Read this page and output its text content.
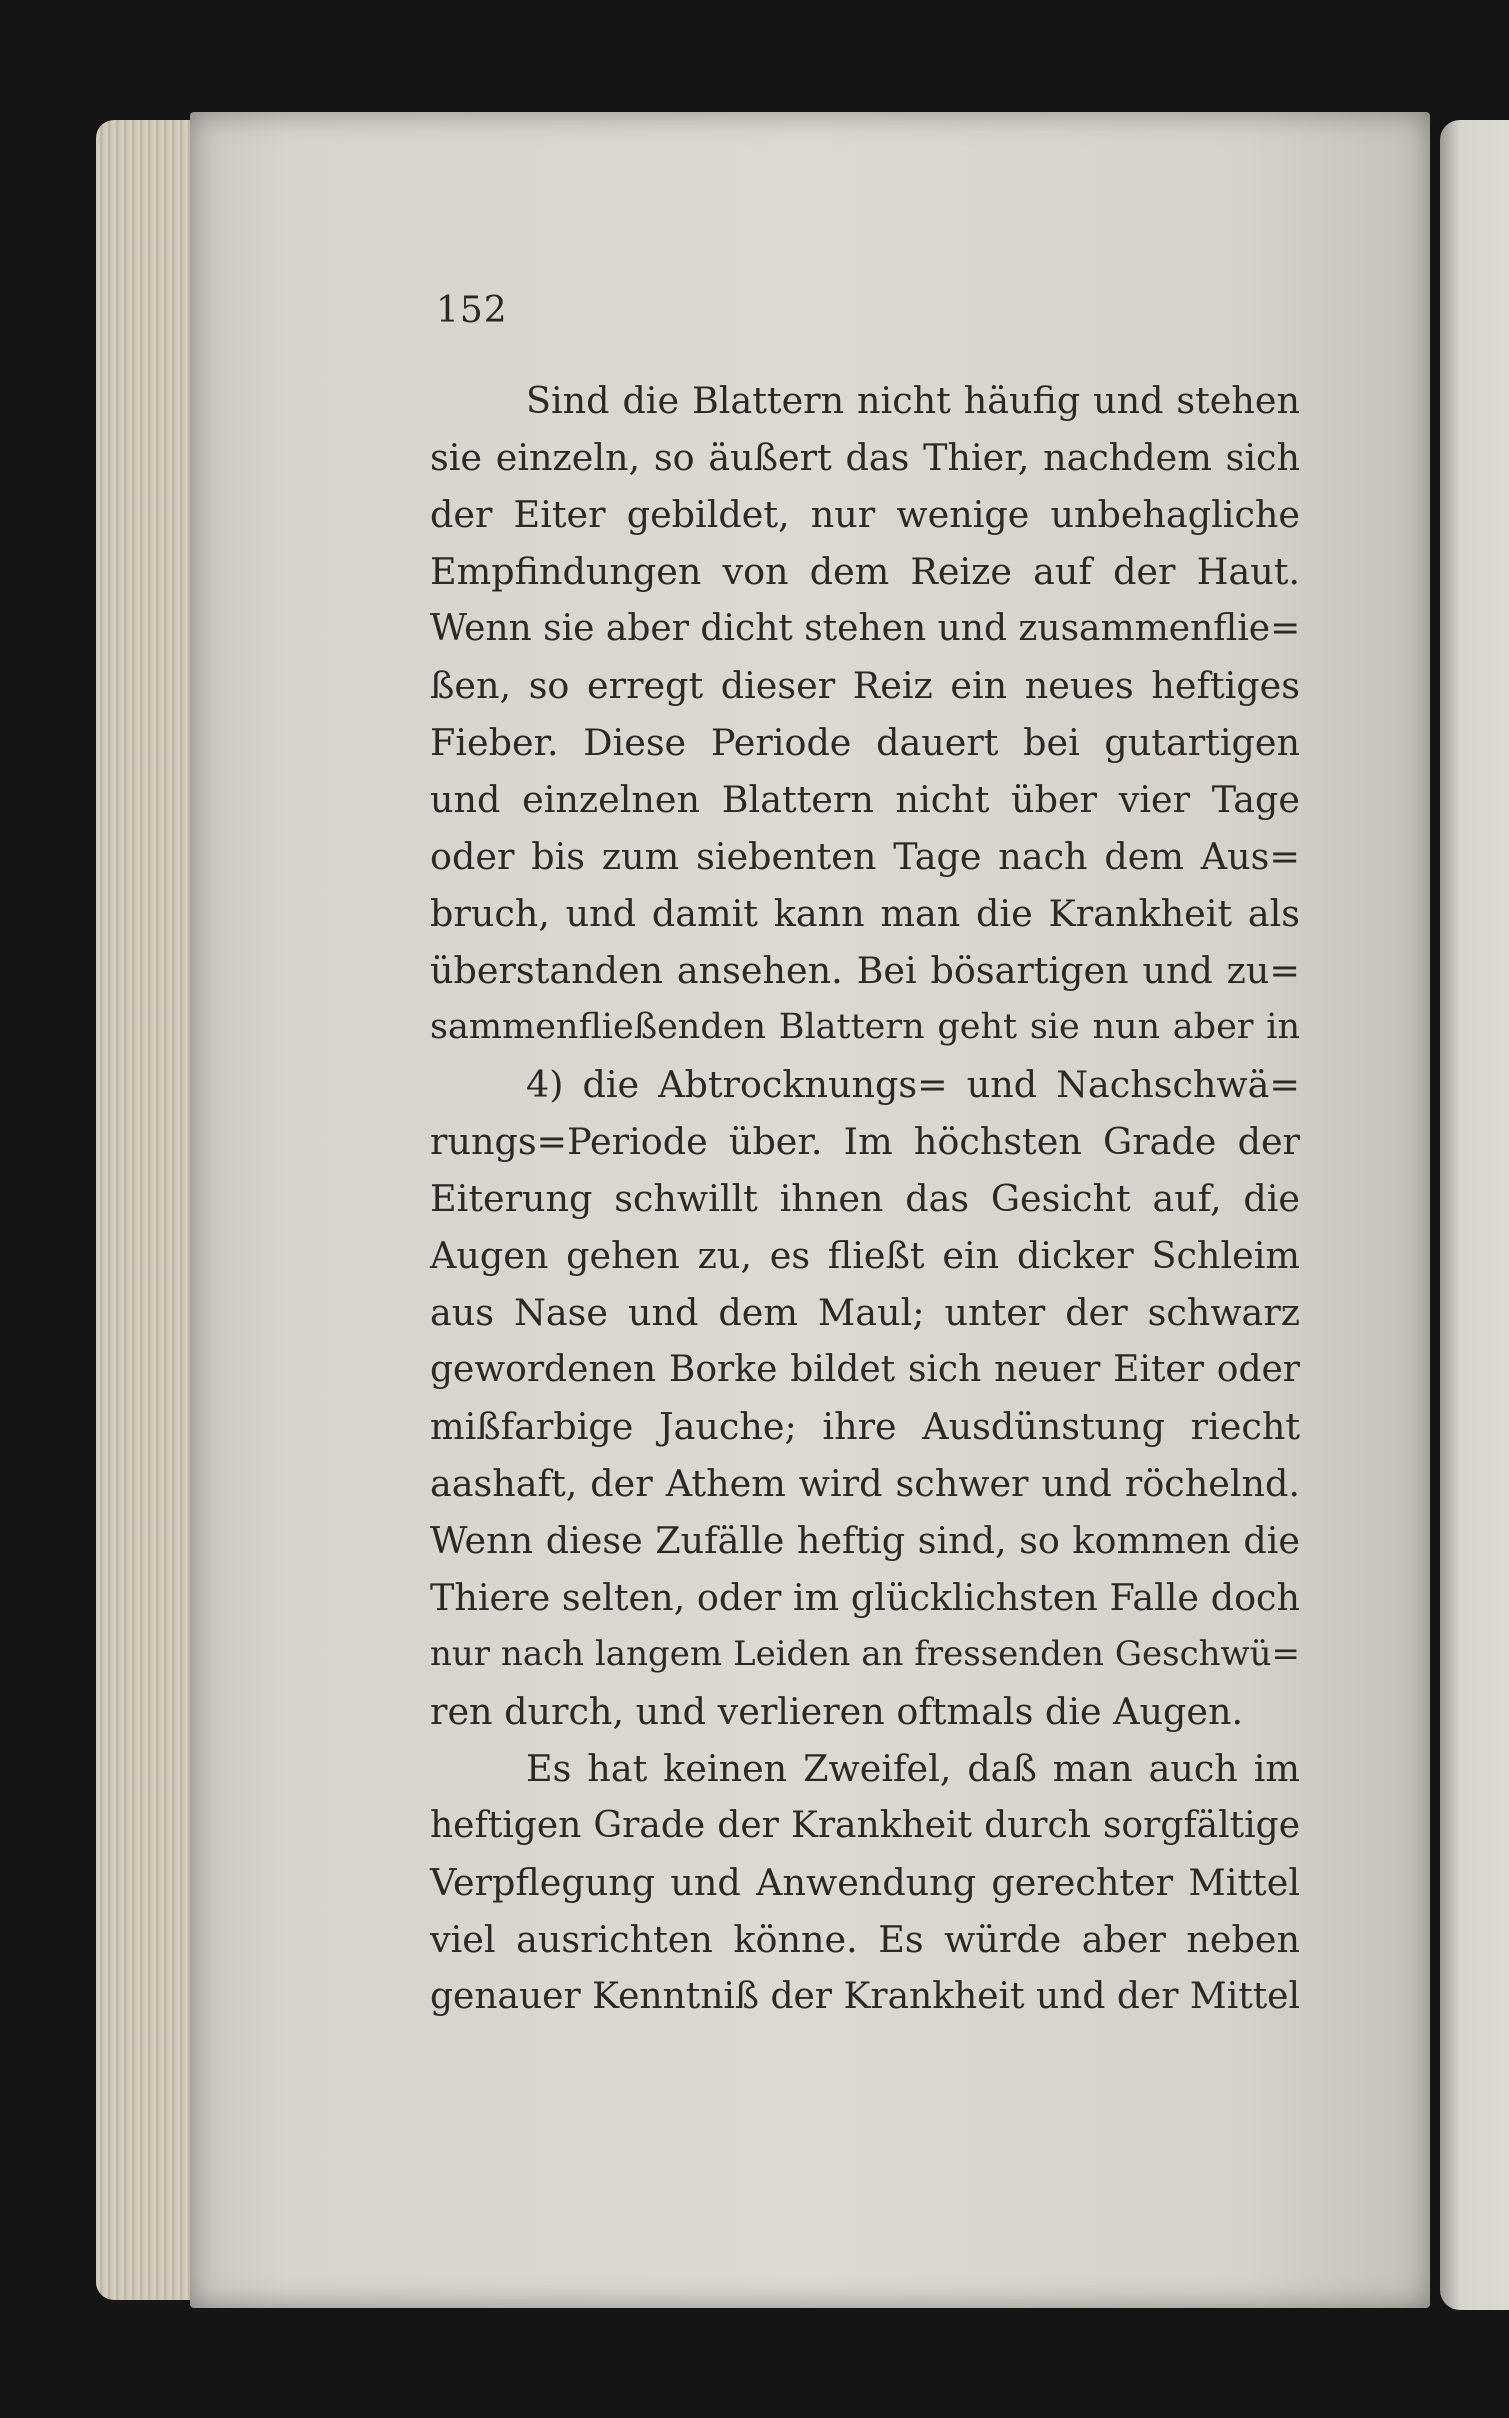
152
Sind die Blattern nicht häufig und stehen
sie einzeln, so äußert das Thier, nachdem sich
der Eiter gebildet, nur wenige unbehagliche
Empfindungen von dem Reize auf der Haut.
Wenn sie aber dicht stehen und zusammenflie=
ßen, so erregt dieser Reiz ein neues heftiges
Fieber. Diese Periode dauert bei gutartigen
und einzelnen Blattern nicht über vier Tage
oder bis zum siebenten Tage nach dem Aus=
bruch, und damit kann man die Krankheit als
überstanden ansehen. Bei bösartigen und zu=
sammenfließenden Blattern geht sie nun aber in
4) die Abtrocknungs= und Nachschwä=
rungs=Periode über. Im höchsten Grade der
Eiterung schwillt ihnen das Gesicht auf, die
Augen gehen zu, es fließt ein dicker Schleim
aus Nase und dem Maul; unter der schwarz
gewordenen Borke bildet sich neuer Eiter oder
mißfarbige Jauche; ihre Ausdünstung riecht
aashaft, der Athem wird schwer und röchelnd.
Wenn diese Zufälle heftig sind, so kommen die
Thiere selten, oder im glücklichsten Falle doch
nur nach langem Leiden an fressenden Geschwü=
ren durch, und verlieren oftmals die Augen.
Es hat keinen Zweifel, daß man auch im
heftigen Grade der Krankheit durch sorgfältige
Verpflegung und Anwendung gerechter Mittel
viel ausrichten könne. Es würde aber neben
genauer Kenntniß der Krankheit und der Mittel
